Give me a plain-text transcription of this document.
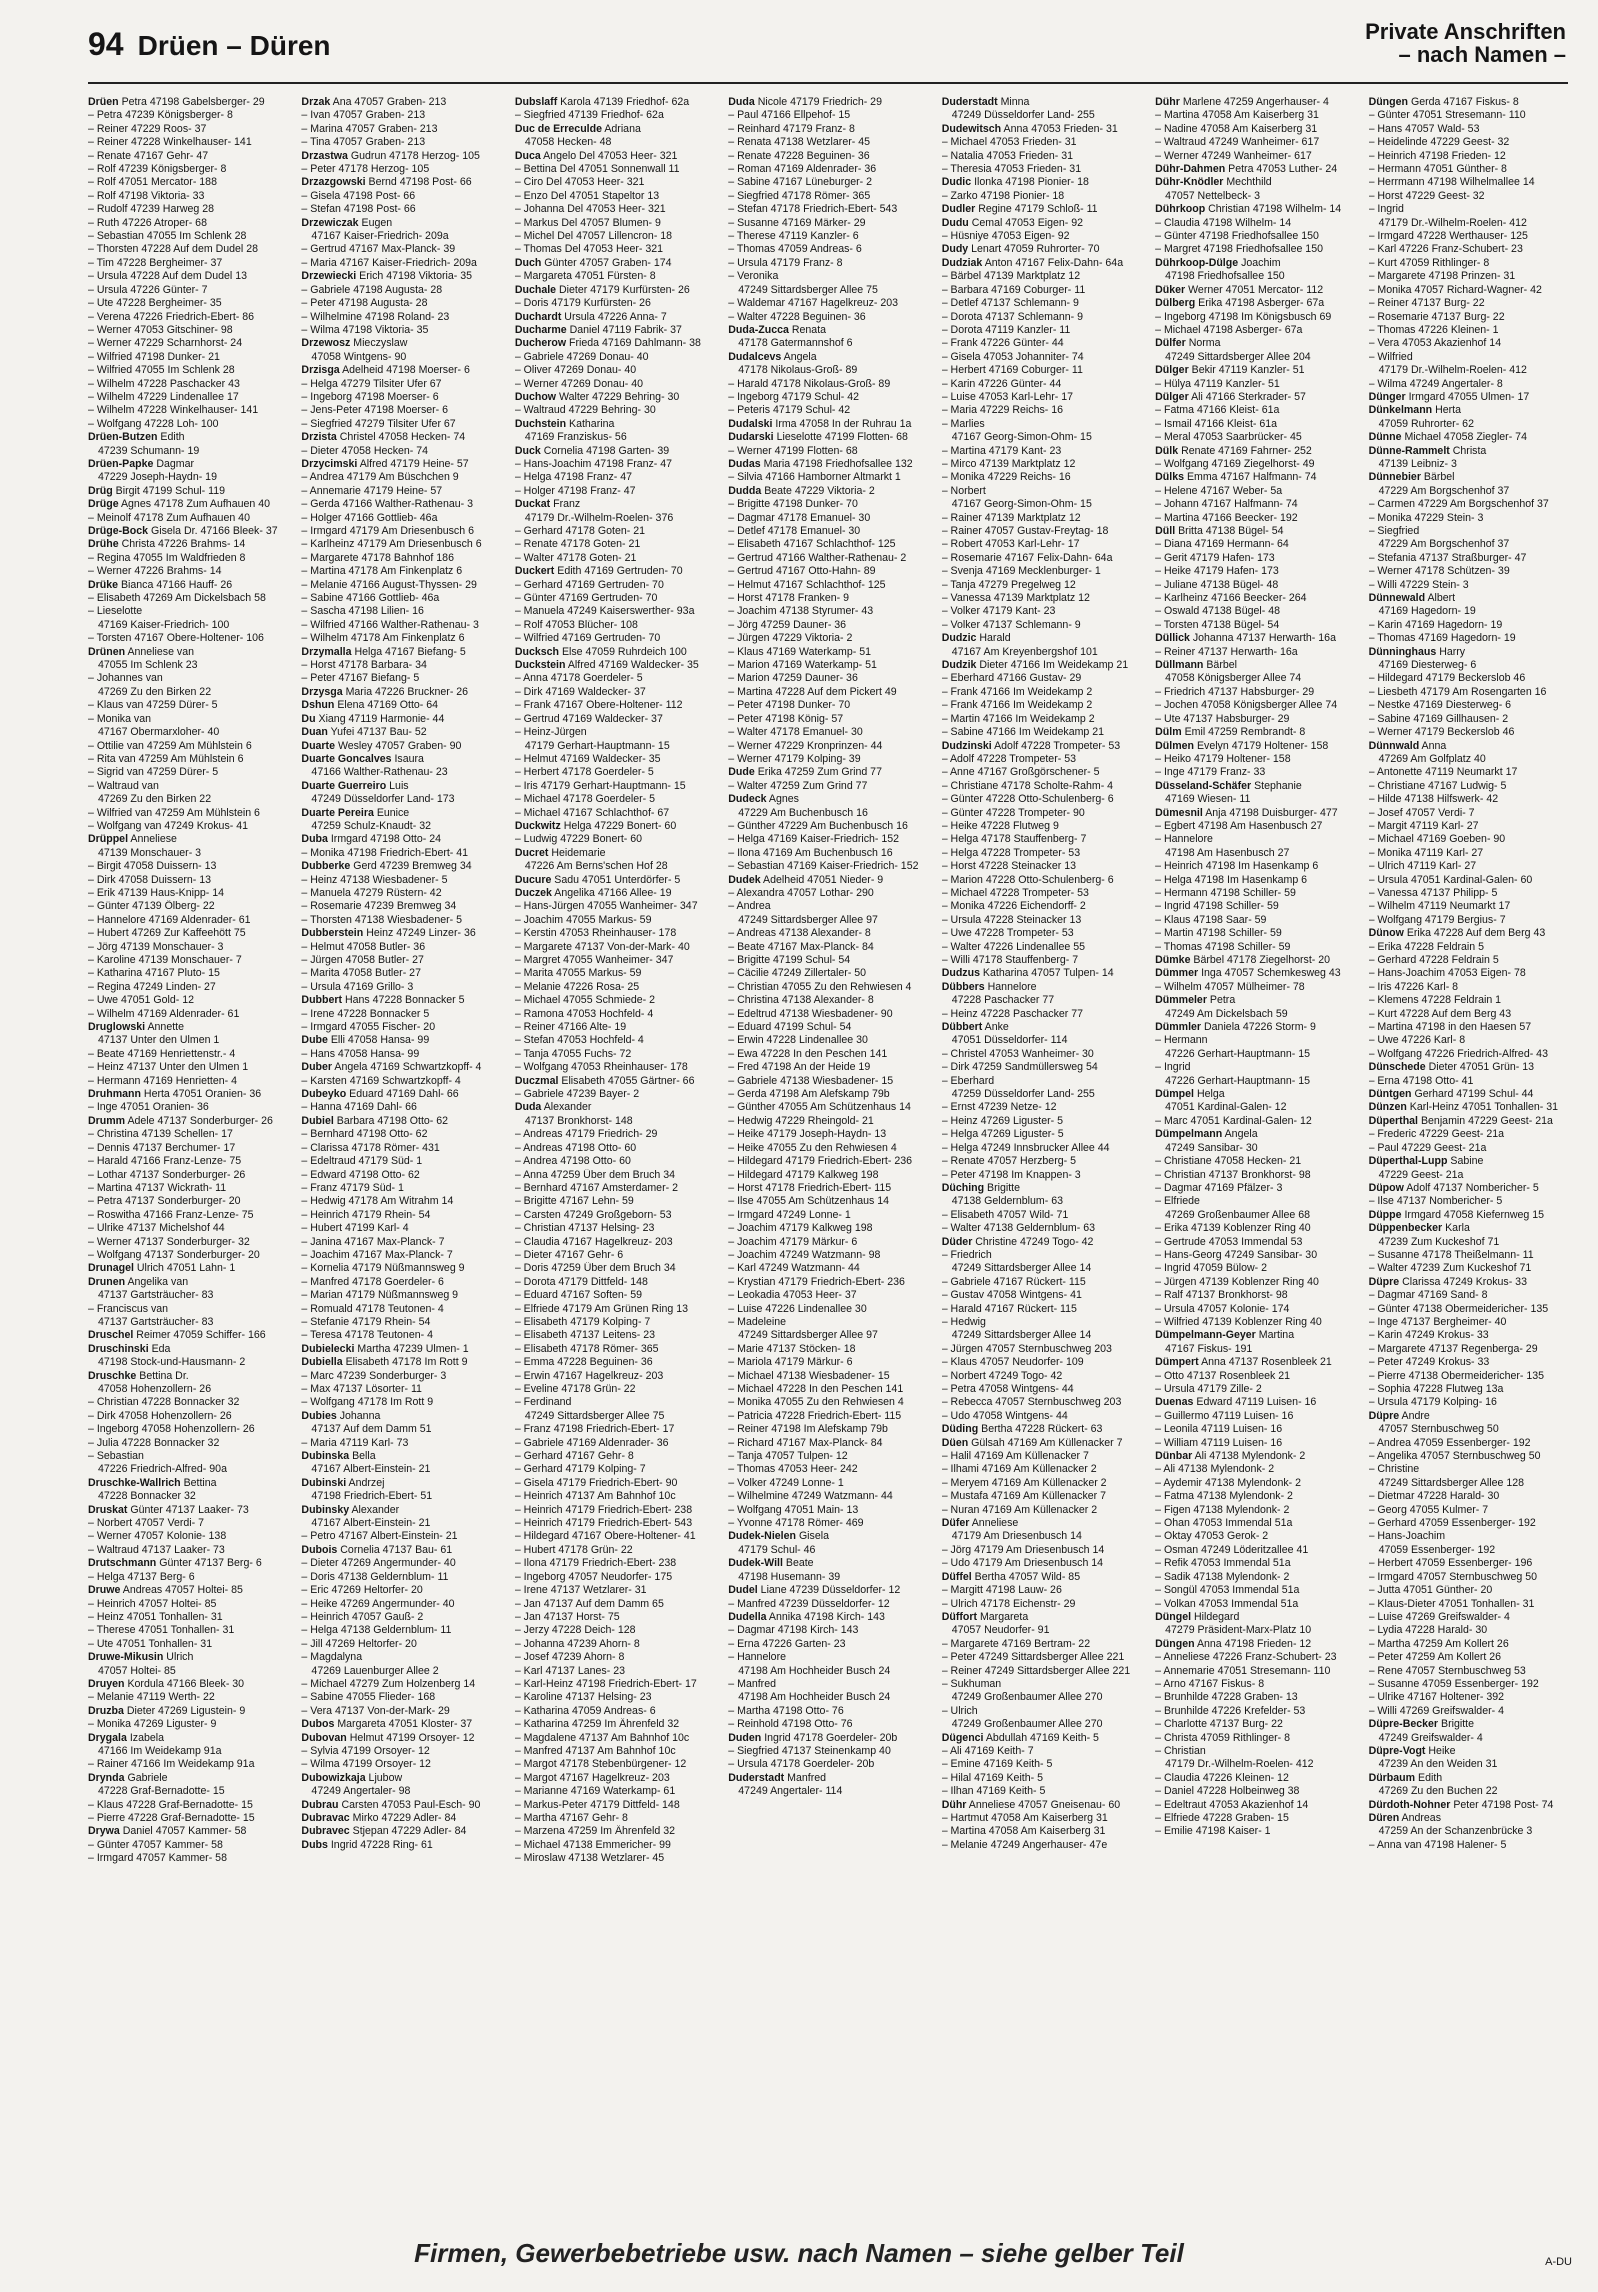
94 Drüen – Düren	Private Anschriften
– nach Namen –
Drüen Petra 47198 Gabelsberger- 29
– Petra 47239 Königsberger- 8
– Reiner 47229 Roos- 37
– Reiner 47228 Winkelhauser- 141
– Renate 47167 Gehr- 47
– Rolf 47239 Königsberger- 8
– Rolf 47051 Mercator- 188
– Rolf 47198 Viktoria- 33
– Rudolf 47239 Harweg 28
– Ruth 47226 Atroper- 68
– Sebastian 47055 Im Schlenk 28
– Thorsten 47228 Auf dem Dudel 28
– Tim 47228 Bergheimer- 37
– Ursula 47228 Auf dem Dudel 13
– Ursula 47226 Günter- 7
– Ute 47228 Bergheimer- 35
– Verena 47226 Friedrich-Ebert- 86
– Werner 47053 Gitschiner- 98
– Werner 47229 Scharnhorst- 24
– Wilfried 47198 Dunker- 21
– Wilfried 47055 Im Schlenk 28
– Wilhelm 47228 Paschacker 43
– Wilhelm 47229 Lindenallee 17
– Wilhelm 47228 Winkelhauser- 141
– Wolfgang 47228 Loh- 100
Drüen-Butzen Edith
47239 Schumann- 19
Drüen-Papke Dagmar
47229 Joseph-Haydn- 19
Drüg Birgit 47199 Schul- 119
Drüge Agnes 47178 Zum Aufhauen 40
– Meinolf 47178 Zum Aufhauen 40
Drüge-Bock Gisela Dr. 47166 Bleek- 37
Drühe Christa 47226 Brahms- 14
– Regina 47055 Im Waldfrieden 8
– Werner 47226 Brahms- 14
Drüke Bianca 47166 Hauff- 26
– Elisabeth 47269 Am Dickelsbach 58
– Lieselotte
47169 Kaiser-Friedrich- 100
– Torsten 47167 Obere-Holtener- 106
Drünen Anneliese van
47055 Im Schlenk 23
– Johannes van
47269 Zu den Birken 22
– Klaus van 47259 Dürer- 5
– Monika van
47167 Obermarxloher- 40
– Ottilie van 47259 Am Mühlstein 6
– Rita van 47259 Am Mühlstein 6
– Sigrid van 47259 Dürer- 5
– Waltraud van
47269 Zu den Birken 22
– Wilfried van 47259 Am Mühlstein 6
– Wolfgang van 47249 Krokus- 41
Drüppel Anneliese
47139 Monschauer- 3
– Birgit 47058 Duissern- 13
– Dirk 47058 Duissern- 13
– Erik 47139 Haus-Knipp- 14
– Günter 47139 Ölberg- 22
– Hannelore 47169 Aldenrader- 61
– Hubert 47269 Zur Kaffeehött 75
– Jörg 47139 Monschauer- 3
– Karoline 47139 Monschauer- 7
– Katharina 47167 Pluto- 15
– Regina 47249 Linden- 27
– Uwe 47051 Gold- 12
– Wilhelm 47169 Aldenrader- 61
Druglowski Annette
47137 Unter den Ulmen 1
– Beate 47169 Henriettenstr.- 4
– Heinz 47137 Unter den Ulmen 1
– Hermann 47169 Henrietten- 4
Druhmann Herta 47051 Oranien- 36
– Inge 47051 Oranien- 36
Drumm Adele 47137 Sonderburger- 26
– Christina 47139 Schellen- 17
– Dennis 47137 Berchumer- 17
– Harald 47166 Franz-Lenze- 75
– Lothar 47137 Sonderburger- 26
– Martina 47137 Wickrath- 11
– Petra 47137 Sonderburger- 20
– Roswitha 47166 Franz-Lenze- 75
– Ulrike 47137 Michelshof 44
– Werner 47137 Sonderburger- 32
– Wolfgang 47137 Sonderburger- 20
Drunagel Ulrich 47051 Lahn- 1
Drunen Angelika van
47137 Gartsträucher- 83
– Franciscus van
47137 Gartsträucher- 83
Druschel Reimer 47059 Schiffer- 166
Druschinski Eda
47198 Stock-und-Hausmann- 2
Druschke Bettina Dr.
47058 Hohenzollern- 26
– Christian 47228 Bonnacker 32
– Dirk 47058 Hohenzollern- 26
– Ingeborg 47058 Hohenzollern- 26
– Julia 47228 Bonnacker 32
– Sebastian
47226 Friedrich-Alfred- 90a
Druschke-Wallrich Bettina
47228 Bonnacker 32
Druskat Günter 47137 Laaker- 73
– Norbert 47057 Verdi- 7
– Werner 47057 Kolonie- 138
– Waltraud 47137 Laaker- 73
Drutschmann Günter 47137 Berg- 6
– Helga 47137 Berg- 6
Druwe Andreas 47057 Holtei- 85
– Heinrich 47057 Holtei- 85
– Heinz 47051 Tonhallen- 31
– Therese 47051 Tonhallen- 31
– Ute 47051 Tonhallen- 31
Druwe-Mikusin Ulrich
47057 Holtei- 85
Druyen Kordula 47166 Bleek- 30
– Melanie 47119 Werth- 22
Druzba Dieter 47269 Ligustein- 9
– Monika 47269 Liguster- 9
Drygala Izabela
47166 Im Weidekamp 91a
– Rainer 47166 Im Weidekamp 91a
Drynda Gabriele
47228 Graf-Bernadotte- 15
– Klaus 47228 Graf-Bernadotte- 15
– Pierre 47228 Graf-Bernadotte- 15
Drywa Daniel 47057 Kammer- 58
– Günter 47057 Kammer- 58
– Irmgard 47057 Kammer- 58
Drzak Ana 47057 Graben- 213
– Ivan 47057 Graben- 213
– Marina 47057 Graben- 213
– Tina 47057 Graben- 213
Drzastwa Gudrun 47178 Herzog- 105
– Peter 47178 Herzog- 105
Drzazgowski Bernd 47198 Post- 66
– Gisela 47198 Post- 66
– Stefan 47198 Post- 66
Drzewiczak Eugen
47167 Kaiser-Friedrich- 209a
– Gertrud 47167 Max-Planck- 39
– Maria 47167 Kaiser-Friedrich- 209a
Drzewiecki Erich 47198 Viktoria- 35
– Gabriele 47198 Augusta- 28
– Peter 47198 Augusta- 28
– Wilhelmine 47198 Roland- 23
– Wilma 47198 Viktoria- 35
Drzewosz Mieczyslaw
47058 Wintgens- 90
Drzisga Adelheid 47198 Moerser- 6
– Helga 47279 Tilsiter Ufer 67
– Ingeborg 47198 Moerser- 6
– Jens-Peter 47198 Moerser- 6
– Siegfried 47279 Tilsiter Ufer 67
Drzista Christel 47058 Hecken- 74
– Dieter 47058 Hecken- 74
Drzycimski Alfred 47179 Heine- 57
– Andrea 47179 Am Büschchen 9
– Annemarie 47179 Heine- 57
– Gerda 47166 Walther-Rathenau- 3
– Holger 47166 Gottlieb- 46a
– Irmgard 47179 Am Driesenbusch 6
– Karlheinz 47179 Am Driesenbusch 6
– Margarete 47178 Bahnhof 186
– Martina 47178 Am Finkenplatz 6
– Melanie 47166 August-Thyssen- 29
– Sabine 47166 Gottlieb- 46a
– Sascha 47198 Lilien- 16
– Wilfried 47166 Walther-Rathenau- 3
– Wilhelm 47178 Am Finkenplatz 6
Drzymalla Helga 47167 Biefang- 5
– Horst 47178 Barbara- 34
– Peter 47167 Biefang- 5
Drzysga Maria 47226 Bruckner- 26
Dshun Elena 47169 Otto- 64
Du Xiang 47119 Harmonie- 44
Duan Yufei 47137 Bau- 52
Duarte Wesley 47057 Graben- 90
Duarte Goncalves Isaura
47166 Walther-Rathenau- 23
Duarte Guerreiro Luis
47249 Düsseldorfer Land- 173
Duarte Pereira Eunice
47259 Schulz-Knaudt- 32
Duba Irmgard 47198 Otto- 24
– Monika 47198 Friedrich-Ebert- 41
Dubberke Gerd 47239 Bremweg 34
– Heinz 47138 Wiesbadener- 5
– Manuela 47279 Rüstern- 42
– Rosemarie 47239 Bremweg 34
– Thorsten 47138 Wiesbadener- 5
Dubberstein Heinz 47249 Linzer- 36
– Helmut 47058 Butler- 36
– Jürgen 47058 Butler- 27
– Marita 47058 Butler- 27
– Ursula 47169 Grillo- 3
Dubbert Hans 47228 Bonnacker 5
– Irene 47228 Bonnacker 5
– Irmgard 47055 Fischer- 20
Dube Elli 47058 Hansa- 99
– Hans 47058 Hansa- 99
Duber Angela 47169 Schwartzkopff- 4
– Karsten 47169 Schwartzkopff- 4
Dubeyko Eduard 47169 Dahl- 66
– Hanna 47169 Dahl- 66
Dubiel Barbara 47198 Otto- 62
– Bernhard 47198 Otto- 62
– Clarissa 47178 Römer- 431
– Edeltraud 47179 Süd- 1
– Edward 47198 Otto- 62
– Franz 47179 Süd- 1
– Hedwig 47178 Am Witrahm 14
– Heinrich 47179 Rhein- 54
– Hubert 47199 Karl- 4
– Janina 47167 Max-Planck- 7
– Joachim 47167 Max-Planck- 7
– Kornelia 47179 Nüßmannsweg 9
– Manfred 47178 Goerdeler- 6
– Marian 47179 Nüßmannsweg 9
– Romuald 47178 Teutonen- 4
– Stefanie 47179 Rhein- 54
– Teresa 47178 Teutonen- 4
Dubielecki Martha 47239 Ulmen- 1
Dubiella Elisabeth 47178 Im Rott 9
– Marc 47239 Sonderburger- 3
– Max 47137 Lösorter- 11
– Wolfgang 47178 Im Rott 9
Dubies Johanna
47137 Auf dem Damm 51
– Maria 47119 Karl- 73
Dubinska Bella
47167 Albert-Einstein- 21
Dubinski Andrzej
47198 Friedrich-Ebert- 51
Dubinsky Alexander
47167 Albert-Einstein- 21
– Petro 47167 Albert-Einstein- 21
Dubois Cornelia 47137 Bau- 61
– Dieter 47269 Angermunder- 40
– Doris 47138 Geldernblum- 11
– Eric 47269 Heltorfer- 20
– Heike 47269 Angermunder- 40
– Heinrich 47057 Gauß- 2
– Helga 47138 Geldernblum- 11
– Jill 47269 Heltorfer- 20
– Magdalyna
47269 Lauenburger Allee 2
– Michael 47279 Zum Holzenberg 14
– Sabine 47055 Flieder- 168
– Vera 47137 Von-der-Mark- 29
Dubos Margareta 47051 Kloster- 37
Dubovan Helmut 47199 Orsoyer- 12
– Sylvia 47199 Orsoyer- 12
– Wilma 47199 Orsoyer- 12
Dubowizkaja Ljubow
47249 Angertaler- 98
Dubrau Carsten 47053 Paul-Esch- 90
Dubravac Mirko 47229 Adler- 84
Dubravec Stjepan 47229 Adler- 84
Dubs Ingrid 47228 Ring- 61
Dubslaff Karola 47139 Friedhof- 62a
– Siegfried 47139 Friedhof- 62a
Duc de Erreculde Adriana
47058 Hecken- 48
Duca Angelo Del 47053 Heer- 321
– Bettina Del 47051 Sonnenwall 11
– Ciro Del 47053 Heer- 321
– Enzo Del 47051 Stapeltor 13
– Johanna Del 47053 Heer- 321
– Markus Del 47057 Blumen- 9
– Michel Del 47057 Lillencron- 18
– Thomas Del 47053 Heer- 321
Duch Günter 47057 Graben- 174
– Margareta 47051 Fürsten- 8
Duchale Dieter 47179 Kurfürsten- 26
– Doris 47179 Kurfürsten- 26
Duchardt Ursula 47226 Anna- 7
Ducharme Daniel 47119 Fabrik- 37
Ducherow Frieda 47169 Dahlmann- 38
– Gabriele 47269 Donau- 40
– Oliver 47269 Donau- 40
– Werner 47269 Donau- 40
Duchow Walter 47229 Behring- 30
– Waltraud 47229 Behring- 30
Duchstein Katharina
47169 Franziskus- 56
Duck Cornelia 47198 Garten- 39
– Hans-Joachim 47198 Franz- 47
– Helga 47198 Franz- 47
– Holger 47198 Franz- 47
Duckat Franz
47179 Dr.-Wilhelm-Roelen- 376
– Gerhard 47178 Goten- 21
– Renate 47178 Goten- 21
– Walter 47178 Goten- 21
Duckert Edith 47169 Gertruden- 70
– Gerhard 47169 Gertruden- 70
– Günter 47169 Gertruden- 70
– Manuela 47249 Kaiserswerther- 93a
– Rolf 47053 Blücher- 108
– Wilfried 47169 Gertruden- 70
Ducksch Else 47059 Ruhrdeich 100
Duckstein Alfred 47169 Waldecker- 35
– Anna 47178 Goerdeler- 5
– Dirk 47169 Waldecker- 37
– Frank 47167 Obere-Holtener- 112
– Gertrud 47169 Waldecker- 37
– Heinz-Jürgen
47179 Gerhart-Hauptmann- 15
– Helmut 47169 Waldecker- 35
– Herbert 47178 Goerdeler- 5
– Iris 47179 Gerhart-Hauptmann- 15
– Michael 47178 Goerdeler- 5
– Michael 47167 Schlachthof- 67
Duckwitz Helga 47229 Bonert- 60
– Ludwig 47229 Bonert- 60
Ducret Heidemarie
47226 Am Berns'schen Hof 28
Ducure Sadu 47051 Unterdörfer- 5
Duczek Angelika 47166 Allee- 19
– Hans-Jürgen 47055 Wanheimer- 347
– Joachim 47055 Markus- 59
– Kerstin 47053 Rheinhauser- 178
– Margarete 47137 Von-der-Mark- 40
– Margret 47055 Wanheimer- 347
– Marita 47055 Markus- 59
– Melanie 47226 Rosa- 25
– Michael 47055 Schmiede- 2
– Ramona 47053 Hochfeld- 4
– Reiner 47166 Alte- 19
– Stefan 47053 Hochfeld- 4
– Tanja 47055 Fuchs- 72
– Wolfgang 47053 Rheinhauser- 178
Duczmal Elisabeth 47055 Gärtner- 66
– Gabriele 47239 Bayer- 2
Duda Alexander
47137 Bronkhorst- 148
– Andreas 47179 Friedrich- 29
– Andreas 47198 Otto- 60
– Andrea 47198 Otto- 60
– Anna 47259 Über dem Bruch 34
– Bernhard 47167 Amsterdamer- 2
– Brigitte 47167 Lehn- 59
– Carsten 47249 Großgeborn- 53
– Christian 47137 Helsing- 23
– Claudia 47167 Hagelkreuz- 203
– Dieter 47167 Gehr- 6
– Doris 47259 Über dem Bruch 34
– Dorota 47179 Dittfeld- 148
– Eduard 47167 Soften- 59
– Elfriede 47179 Am Grünen Ring 13
– Elisabeth 47179 Kolping- 7
– Elisabeth 47137 Leitens- 23
– Elisabeth 47178 Römer- 365
– Emma 47228 Beguinen- 36
– Erwin 47167 Hagelkreuz- 203
– Eveline 47178 Grün- 22
– Ferdinand
47249 Sittardsberger Allee 75
– Franz 47198 Friedrich-Ebert- 17
– Gabriele 47169 Aldenrader- 36
– Gerhard 47167 Gehr- 8
– Gerhard 47179 Kolping- 7
– Gisela 47179 Friedrich-Ebert- 90
– Heinrich 47137 Am Bahnhof 10c
– Heinrich 47179 Friedrich-Ebert- 238
– Heinrich 47179 Friedrich-Ebert- 543
– Hildegard 47167 Obere-Holtener- 41
– Hubert 47178 Grün- 22
– Ilona 47179 Friedrich-Ebert- 238
– Ingeborg 47057 Neudorfer- 175
– Irene 47137 Wetzlarer- 31
– Jan 47137 Auf dem Damm 65
– Jan 47137 Horst- 75
– Jerzy 47228 Deich- 128
– Johanna 47239 Ahorn- 8
– Josef 47239 Ahorn- 8
– Karl 47137 Lanes- 23
– Karl-Heinz 47198 Friedrich-Ebert- 17
– Karoline 47137 Helsing- 23
– Katharina 47059 Andreas- 6
– Katharina 47259 Im Ährenfeld 32
– Magdalene 47137 Am Bahnhof 10c
– Manfred 47137 Am Bahnhof 10c
– Margot 47178 Stebenbürgener- 12
– Margot 47167 Hagelkreuz- 203
– Marianne 47169 Waterkamp- 61
– Markus-Peter 47179 Dittfeld- 148
– Martha 47167 Gehr- 8
– Marzena 47259 Im Ährenfeld 32
– Michael 47138 Emmericher- 99
– Miroslaw 47138 Wetzlarer- 45
Duda Nicole 47179 Friedrich- 29
– Paul 47166 Ellpehof- 15
– Reinhard 47179 Franz- 8
– Renata 47138 Wetzlarer- 45
– Renate 47228 Beguinen- 36
– Roman 47169 Aldenrader- 36
– Sabine 47167 Lüneburger- 2
– Siegfried 47178 Römer- 365
– Stefan 47178 Friedrich-Ebert- 543
– Susanne 47169 Märker- 29
– Therese 47119 Kanzler- 6
– Thomas 47059 Andreas- 6
– Ursula 47179 Franz- 8
– Veronika
47249 Sittardsberger Allee 75
– Waldemar 47167 Hagelkreuz- 203
– Walter 47228 Beguinen- 36
Duda-Zucca Renata
47178 Gatermannshof 6
Dudalcevs Angela
47178 Nikolaus-Groß- 89
– Harald 47178 Nikolaus-Groß- 89
– Ingeborg 47179 Schul- 42
– Peteris 47179 Schul- 42
Dudalski Irma 47058 In der Ruhrau 1a
Dudarski Lieselotte 47199 Flotten- 68
– Werner 47199 Flotten- 68
Dudas Maria 47198 Friedhofsallee 132
– Silvia 47166 Hamborner Altmarkt 1
Dudda Beate 47229 Viktoria- 2
– Brigitte 47198 Dunker- 70
– Dagmar 47178 Emanuel- 30
– Detlef 47178 Emanuel- 30
– Elisabeth 47167 Schlachthof- 125
– Gertrud 47166 Walther-Rathenau- 2
– Gertrud 47167 Otto-Hahn- 89
– Helmut 47167 Schlachthof- 125
– Horst 47178 Franken- 9
– Joachim 47138 Styrumer- 43
– Jörg 47259 Dauner- 36
– Jürgen 47229 Viktoria- 2
– Klaus 47169 Waterkamp- 51
– Marion 47169 Waterkamp- 51
– Marion 47259 Dauner- 36
– Martina 47228 Auf dem Pickert 49
– Peter 47198 Dunker- 70
– Peter 47198 König- 57
– Walter 47178 Emanuel- 30
– Werner 47229 Kronprinzen- 44
– Werner 47179 Kolping- 39
Dude Erika 47259 Zum Grind 77
– Walter 47259 Zum Grind 77
Dudeck Agnes
47229 Am Buchenbusch 16
– Günther 47229 Am Buchenbusch 16
– Helga 47169 Kaiser-Friedrich- 152
– Ilona 47169 Am Buchenbusch 16
– Sebastian 47169 Kaiser-Friedrich- 152
Dudek Adelheid 47051 Nieder- 9
– Alexandra 47057 Lothar- 290
– Andrea
47249 Sittardsberger Allee 97
– Andreas 47138 Alexander- 8
– Beate 47167 Max-Planck- 84
– Brigitte 47199 Schul- 54
– Cäcilie 47249 Zillertaler- 50
– Christian 47055 Zu den Rehwiesen 4
– Christina 47138 Alexander- 8
– Edeltrud 47138 Wiesbadener- 90
– Eduard 47199 Schul- 54
– Erwin 47228 Lindenallee 30
– Ewa 47228 In den Peschen 141
– Fred 47198 An der Heide 19
– Gabriele 47138 Wiesbadener- 15
– Gerda 47198 Am Alefskamp 79b
– Günther 47055 Am Schützenhaus 14
– Hedwig 47229 Rheingold- 21
– Heike 47179 Joseph-Haydn- 13
– Heike 47055 Zu den Rehwiesen 4
– Hildegard 47179 Friedrich-Ebert- 236
– Hildegard 47179 Kalkweg 198
– Horst 47178 Friedrich-Ebert- 115
– Ilse 47055 Am Schützenhaus 14
– Irmgard 47249 Lonne- 1
– Joachim 47179 Kalkweg 198
– Joachim 47179 Märkur- 6
– Joachim 47249 Watzmann- 98
– Karl 47249 Watzmann- 44
– Krystian 47179 Friedrich-Ebert- 236
– Leokadia 47053 Heer- 37
– Luise 47226 Lindenallee 30
– Madeleine
47249 Sittardsberger Allee 97
– Marie 47137 Stöcken- 18
– Mariola 47179 Märkur- 6
– Michael 47138 Wiesbadener- 15
– Michael 47228 In den Peschen 141
– Monika 47055 Zu den Rehwiesen 4
– Patricia 47228 Friedrich-Ebert- 115
– Reiner 47198 Im Alefskamp 79b
– Richard 47167 Max-Planck- 84
– Tanja 47057 Tulpen- 12
– Thomas 47053 Heer- 242
– Volker 47249 Lonne- 1
– Wilhelmine 47249 Watzmann- 44
– Wolfgang 47051 Main- 13
– Yvonne 47178 Römer- 469
Dudek-Nielen Gisela
47179 Schul- 46
Dudek-Will Beate
47198 Husemann- 39
Dudel Liane 47239 Düsseldorfer- 12
– Manfred 47239 Düsseldorfer- 12
Dudella Annika 47198 Kirch- 143
– Dagmar 47198 Kirch- 143
– Erna 47226 Garten- 23
– Hannelore
47198 Am Hochheider Busch 24
– Manfred
47198 Am Hochheider Busch 24
– Martha 47198 Otto- 76
– Reinhold 47198 Otto- 76
Duden Ingrid 47178 Goerdeler- 20b
– Siegfried 47137 Steinenkamp 40
– Ursula 47178 Goerdeler- 20b
Duderstadt Manfred
47249 Angertaler- 114
Duderstadt Minna
47249 Düsseldorfer Land- 255
Dudewitsch Anna 47053 Frieden- 31
– Michael 47053 Frieden- 31
– Natalia 47053 Frieden- 31
– Theresia 47053 Frieden- 31
Dudic Ilonka 47198 Pionier- 18
– Zarko 47198 Pionier- 18
Dudler Regine 47179 Schloß- 11
Dudu Cemal 47053 Eigen- 92
– Hüsniye 47053 Eigen- 92
Dudy Lenart 47059 Ruhrorter- 70
Dudziak Anton 47167 Felix-Dahn- 64a
– Bärbel 47139 Marktplatz 12
– Barbara 47169 Coburger- 11
– Detlef 47137 Schlemann- 9
– Dorota 47137 Schlemann- 9
– Dorota 47119 Kanzler- 11
– Frank 47226 Günter- 44
– Gisela 47053 Johanniter- 74
– Herbert 47169 Coburger- 11
– Karin 47226 Günter- 44
– Luise 47053 Karl-Lehr- 17
– Maria 47229 Reichs- 16
– Marlies
47167 Georg-Simon-Ohm- 15
– Martina 47179 Kant- 23
– Mirco 47139 Marktplatz 12
– Monika 47229 Reichs- 16
– Norbert
47167 Georg-Simon-Ohm- 15
– Rainer 47139 Marktplatz 12
– Rainer 47057 Gustav-Freytag- 18
– Robert 47053 Karl-Lehr- 17
– Rosemarie 47167 Felix-Dahn- 64a
– Svenja 47169 Mecklenburger- 1
– Tanja 47279 Pregelweg 12
– Vanessa 47139 Marktplatz 12
– Volker 47179 Kant- 23
– Volker 47137 Schlemann- 9
Dudzic Harald
47167 Am Kreyenbergshof 101
Dudzik Dieter 47166 Im Weidekamp 21
– Eberhard 47166 Gustav- 29
– Frank 47166 Im Weidekamp 2
– Frank 47166 Im Weidekamp 2
– Martin 47166 Im Weidekamp 2
– Sabine 47166 Im Weidekamp 21
Dudzinski Adolf 47228 Trompeter- 53
– Adolf 47228 Trompeter- 53
– Anne 47167 Großgörschener- 5
– Christiane 47178 Scholte-Rahm- 4
– Günter 47228 Otto-Schulenberg- 6
– Günter 47228 Trompeter- 90
– Heike 47228 Flutweg 9
– Helga 47178 Stauffenberg- 7
– Helga 47228 Trompeter- 53
– Horst 47228 Steinacker 13
– Marion 47228 Otto-Schulenberg- 6
– Michael 47228 Trompeter- 53
– Monika 47226 Eichendorff- 2
– Ursula 47228 Steinacker 13
– Uwe 47228 Trompeter- 53
– Walter 47226 Lindenallee 55
– Willi 47178 Stauffenberg- 7
Dudzus Katharina 47057 Tulpen- 14
Dübbers Hannelore
47228 Paschacker 77
– Heinz 47228 Paschacker 77
Dübbert Anke
47051 Düsseldorfer- 114
– Christel 47053 Wanheimer- 30
– Dirk 47259 Sandmüllersweg 54
– Eberhard
47259 Düsseldorfer Land- 255
– Ernst 47239 Netze- 12
– Heinz 47269 Liguster- 5
– Helga 47269 Liguster- 5
– Helga 47249 Innsbrucker Allee 44
– Renate 47057 Herzberg- 5
– Peter 47198 Im Knappen- 3
Düching Brigitte
47138 Geldernblum- 63
– Elisabeth 47057 Wild- 71
– Walter 47138 Geldernblum- 63
Düder Christine 47249 Togo- 42
– Friedrich
47249 Sittardsberger Allee 14
– Gabriele 47167 Rückert- 115
– Gustav 47058 Wintgens- 41
– Harald 47167 Rückert- 115
– Hedwig
47249 Sittardsberger Allee 14
– Jürgen 47057 Sternbuschweg 203
– Klaus 47057 Neudorfer- 109
– Norbert 47249 Togo- 42
– Petra 47058 Wintgens- 44
– Rebecca 47057 Sternbuschweg 203
– Udo 47058 Wintgens- 44
Düding Bertha 47228 Rückert- 63
Düen Gülsah 47169 Am Küllenacker 7
– Halil 47169 Am Küllenacker 7
– Ilhami 47169 Am Küllenacker 2
– Meryem 47169 Am Küllenacker 2
– Mustafa 47169 Am Küllenacker 7
– Nuran 47169 Am Küllenacker 2
Düfer Anneliese
47179 Am Driesenbusch 14
– Jörg 47179 Am Driesenbusch 14
– Udo 47179 Am Driesenbusch 14
Düffel Bertha 47057 Wild- 85
– Margitt 47198 Lauw- 26
– Ulrich 47178 Eichenstr- 29
Düffort Margareta
47057 Neudorfer- 91
– Margarete 47169 Bertram- 22
– Peter 47249 Sittardsberger Allee 221
– Reiner 47249 Sittardsberger Allee 221
– Sukhuman
47249 Großenbaumer Allee 270
– Ulrich
47249 Großenbaumer Allee 270
Dügenci Abdullah 47169 Keith- 5
– Ali 47169 Keith- 7
– Emine 47169 Keith- 5
– Hilal 47169 Keith- 5
– Ilhan 47169 Keith- 5
Dühr Anneliese 47057 Gneisenau- 60
– Hartmut 47058 Am Kaiserberg 31
– Martina 47058 Am Kaiserberg 31
– Melanie 47249 Angerhauser- 47e
Dühr Marlene 47259 Angerhauser- 4
– Martina 47058 Am Kaiserberg 31
– Nadine 47058 Am Kaiserberg 31
– Waltraud 47249 Wanheimer- 617
– Werner 47249 Wanheimer- 617
Dühr-Dahmen Petra 47053 Luther- 24
Dühr-Knödler Mechthild
47057 Nettelbeck- 3
Dührkoop Christian 47198 Wilhelm- 14
– Claudia 47198 Wilhelm- 14
– Günter 47198 Friedhofsallee 150
– Margret 47198 Friedhofsallee 150
Dührkoop-Dülge Joachim
47198 Friedhofsallee 150
Düker Werner 47051 Mercator- 112
Dülberg Erika 47198 Asberger- 67a
– Ingeborg 47198 Im Königsbusch 69
– Michael 47198 Asberger- 67a
Dülfer Norma
47249 Sittardsberger Allee 204
Dülger Bekir 47119 Kanzler- 51
– Hülya 47119 Kanzler- 51
Dülger Ali 47166 Sterkrader- 57
– Fatma 47166 Kleist- 61a
– Ismail 47166 Kleist- 61a
– Meral 47053 Saarbrücker- 45
Dülk Renate 47169 Fahrner- 252
– Wolfgang 47169 Ziegelhorst- 49
Dülks Emma 47167 Halfmann- 74
– Helene 47167 Weber- 5a
– Johann 47167 Halfmann- 74
– Martina 47166 Beecker- 192
Düll Britta 47138 Bügel- 54
– Diana 47169 Hermann- 64
– Gerit 47179 Hafen- 173
– Heike 47179 Hafen- 173
– Juliane 47138 Bügel- 48
– Karlheinz 47166 Beecker- 264
– Oswald 47138 Bügel- 48
– Torsten 47138 Bügel- 54
Düllick Johanna 47137 Herwarth- 16a
– Reiner 47137 Herwarth- 16a
Düllmann Bärbel
47058 Königsberger Allee 74
– Friedrich 47137 Habsburger- 29
– Jochen 47058 Königsberger Allee 74
– Ute 47137 Habsburger- 29
Dülm Emil 47259 Rembrandt- 8
Dülmen Evelyn 47179 Holtener- 158
– Heiko 47179 Holtener- 158
– Inge 47179 Franz- 33
Düsseland-Schäfer Stephanie
47169 Wiesen- 11
Dümesnil Anja 47198 Duisburger- 477
– Egbert 47198 Am Hasenbusch 27
– Hannelore
47198 Am Hasenbusch 27
– Heinrich 47198 Im Hasenkamp 6
– Helga 47198 Im Hasenkamp 6
– Hermann 47198 Schiller- 59
– Ingrid 47198 Schiller- 59
– Klaus 47198 Saar- 59
– Martin 47198 Schiller- 59
– Thomas 47198 Schiller- 59
Dümke Bärbel 47178 Ziegelhorst- 20
Dümmer Inga 47057 Schemkesweg 43
– Wilhelm 47057 Mülheimer- 78
Dümmeler Petra
47249 Am Dickelsbach 59
Dümmler Daniela 47226 Storm- 9
– Hermann
47226 Gerhart-Hauptmann- 15
– Ingrid
47226 Gerhart-Hauptmann- 15
Dümpel Helga
47051 Kardinal-Galen- 12
– Marc 47051 Kardinal-Galen- 12
Dümpelmann Angela
47249 Sansibar- 30
– Christiane 47058 Hecken- 21
– Christian 47137 Bronkhorst- 98
– Dagmar 47169 Pfälzer- 3
– Elfriede
47269 Großenbaumer Allee 68
– Erika 47139 Koblenzer Ring 40
– Gertrude 47053 Immendal 53
– Hans-Georg 47249 Sansibar- 30
– Ingrid 47059 Bülow- 2
– Jürgen 47139 Koblenzer Ring 40
– Ralf 47137 Bronkhorst- 98
– Ursula 47057 Kolonie- 174
– Wilfried 47139 Koblenzer Ring 40
Dümpelmann-Geyer Martina
47167 Fiskus- 191
Dümpert Anna 47137 Rosenbleek 21
– Otto 47137 Rosenbleek 21
– Ursula 47179 Zille- 2
Duenas Edward 47119 Luisen- 16
– Guillermo 47119 Luisen- 16
– Leonila 47119 Luisen- 16
– William 47119 Luisen- 16
Dünbar Ali 47138 Mylendonk- 2
– Ali 47138 Mylendonk- 2
– Aydemir 47138 Mylendonk- 2
– Fatma 47138 Mylendonk- 2
– Figen 47138 Mylendonk- 2
– Ohan 47053 Immendal 51a
– Oktay 47053 Gerok- 2
– Osman 47249 Löderitzallee 41
– Refik 47053 Immendal 51a
– Sadik 47138 Mylendonk- 2
– Songül 47053 Immendal 51a
– Volkan 47053 Immendal 51a
Düngel Hildegard
47279 Präsident-Marx-Platz 10
Düngen Anna 47198 Frieden- 12
– Anneliese 47226 Franz-Schubert- 23
– Annemarie 47051 Stresemann- 110
– Arno 47167 Fiskus- 8
– Brunhilde 47228 Graben- 13
– Brunhilde 47226 Krefelder- 53
– Charlotte 47137 Burg- 22
– Christa 47059 Rithlinger- 8
– Christian
47179 Dr.-Wilhelm-Roelen- 412
– Claudia 47226 Kleinen- 12
– Daniel 47228 Holbeinweg 38
– Edeltraut 47053 Akazienhof 14
– Elfriede 47228 Graben- 15
– Emilie 47198 Kaiser- 1
Düngen Gerda 47167 Fiskus- 8
– Günter 47051 Stresemann- 110
– Hans 47057 Wald- 53
– Heidelinde 47229 Geest- 32
– Heinrich 47198 Frieden- 12
– Hermann 47051 Günther- 8
– Herrmann 47198 Wilhelmallee 14
– Horst 47229 Geest- 32
– Ingrid
47179 Dr.-Wilhelm-Roelen- 412
– Irmgard 47228 Werthauser- 125
– Karl 47226 Franz-Schubert- 23
– Kurt 47059 Rithlinger- 8
– Margarete 47198 Prinzen- 31
– Monika 47057 Richard-Wagner- 42
– Reiner 47137 Burg- 22
– Rosemarie 47137 Burg- 22
– Thomas 47226 Kleinen- 1
– Vera 47053 Akazienhof 14
– Wilfried
47179 Dr.-Wilhelm-Roelen- 412
– Wilma 47249 Angertaler- 8
Dünger Irmgard 47055 Ulmen- 17
Dünkelmann Herta
47059 Ruhrorter- 62
Dünne Michael 47058 Ziegler- 74
Dünne-Rammelt Christa
47139 Leibniz- 3
Dünnebier Bärbel
47229 Am Borgschenhof 37
– Carmen 47229 Am Borgschenhof 37
– Monika 47229 Stein- 3
– Siegfried
47229 Am Borgschenhof 37
– Stefania 47137 Straßburger- 47
– Werner 47178 Schützen- 39
– Willi 47229 Stein- 3
Dünnewald Albert
47169 Hagedorn- 19
– Karin 47169 Hagedorn- 19
– Thomas 47169 Hagedorn- 19
Dünninghaus Harry
47169 Diesterweg- 6
– Hildegard 47179 Beckerslob 46
– Liesbeth 47179 Am Rosengarten 16
– Nestke 47169 Diesterweg- 6
– Sabine 47169 Gillhausen- 2
– Werner 47179 Beckerslob 46
Dünnwald Anna
47269 Am Golfplatz 40
– Antonette 47119 Neumarkt 17
– Christiane 47167 Ludwig- 5
– Hilde 47138 Hilfswerk- 42
– Josef 47057 Verdi- 7
– Margit 47119 Karl- 27
– Michael 47169 Goeben- 90
– Monika 47119 Karl- 27
– Ulrich 47119 Karl- 27
– Ursula 47051 Kardinal-Galen- 60
– Vanessa 47137 Philipp- 5
– Wilhelm 47119 Neumarkt 17
– Wolfgang 47179 Bergius- 7
Dünow Erika 47228 Auf dem Berg 43
– Erika 47228 Feldrain 5
– Gerhard 47228 Feldrain 5
– Hans-Joachim 47053 Eigen- 78
– Iris 47226 Karl- 8
– Klemens 47228 Feldrain 1
– Kurt 47228 Auf dem Berg 43
– Martina 47198 in den Haesen 57
– Uwe 47226 Karl- 8
– Wolfgang 47226 Friedrich-Alfred- 43
Dünschede Dieter 47051 Grün- 13
– Erna 47198 Otto- 41
Düntgen Gerhard 47199 Schul- 44
Dünzen Karl-Heinz 47051 Tonhallen- 31
Düperthal Benjamin 47229 Geest- 21a
– Frederic 47229 Geest- 21a
– Paul 47229 Geest- 21a
Düperthal-Lupp Sabine
47229 Geest- 21a
Düpow Adolf 47137 Nombericher- 5
– Ilse 47137 Nombericher- 5
Düppe Irmgard 47058 Kiefernweg 15
Düppenbecker Karla
47239 Zum Kuckeshof 71
– Susanne 47178 Theißelmann- 11
– Walter 47239 Zum Kuckeshof 71
Düpre Clarissa 47249 Krokus- 33
– Dagmar 47169 Sand- 8
– Günter 47138 Obermeidericher- 135
– Inge 47137 Bergheimer- 40
– Karin 47249 Krokus- 33
– Margarete 47137 Regenberga- 29
– Peter 47249 Krokus- 33
– Pierre 47138 Obermeidericher- 135
– Sophia 47228 Flutweg 13a
– Ursula 47179 Kolping- 16
Düpre Andre
47057 Sternbuschweg 50
– Andrea 47059 Essenberger- 192
– Angelika 47057 Sternbuschweg 50
– Christine
47249 Sittardsberger Allee 128
– Dietmar 47228 Harald- 30
– Georg 47055 Kulmer- 7
– Gerhard 47059 Essenberger- 192
– Hans-Joachim
47059 Essenberger- 192
– Herbert 47059 Essenberger- 196
– Irmgard 47057 Sternbuschweg 50
– Jutta 47051 Günther- 20
– Klaus-Dieter 47051 Tonhallen- 31
– Luise 47269 Greifswalder- 4
– Lydia 47228 Harald- 30
– Martha 47259 Am Kollert 26
– Peter 47259 Am Kollert 26
– Rene 47057 Sternbuschweg 53
– Susanne 47059 Essenberger- 192
– Ulrike 47167 Holtener- 392
– Willi 47269 Greifswalder- 4
Düpre-Becker Brigitte
47249 Greifswalder- 4
Düpre-Vogt Heike
47239 An den Weiden 31
Dürbaum Edith
47269 Zu den Buchen 22
Dürdoth-Nohner Peter 47198 Post- 74
Düren Andreas
47259 An der Schanzenbrücke 3
– Anna van 47198 Halener- 5
Firmen, Gewerbebetriebe usw. nach Namen – siehe gelber Teil	A-DU
